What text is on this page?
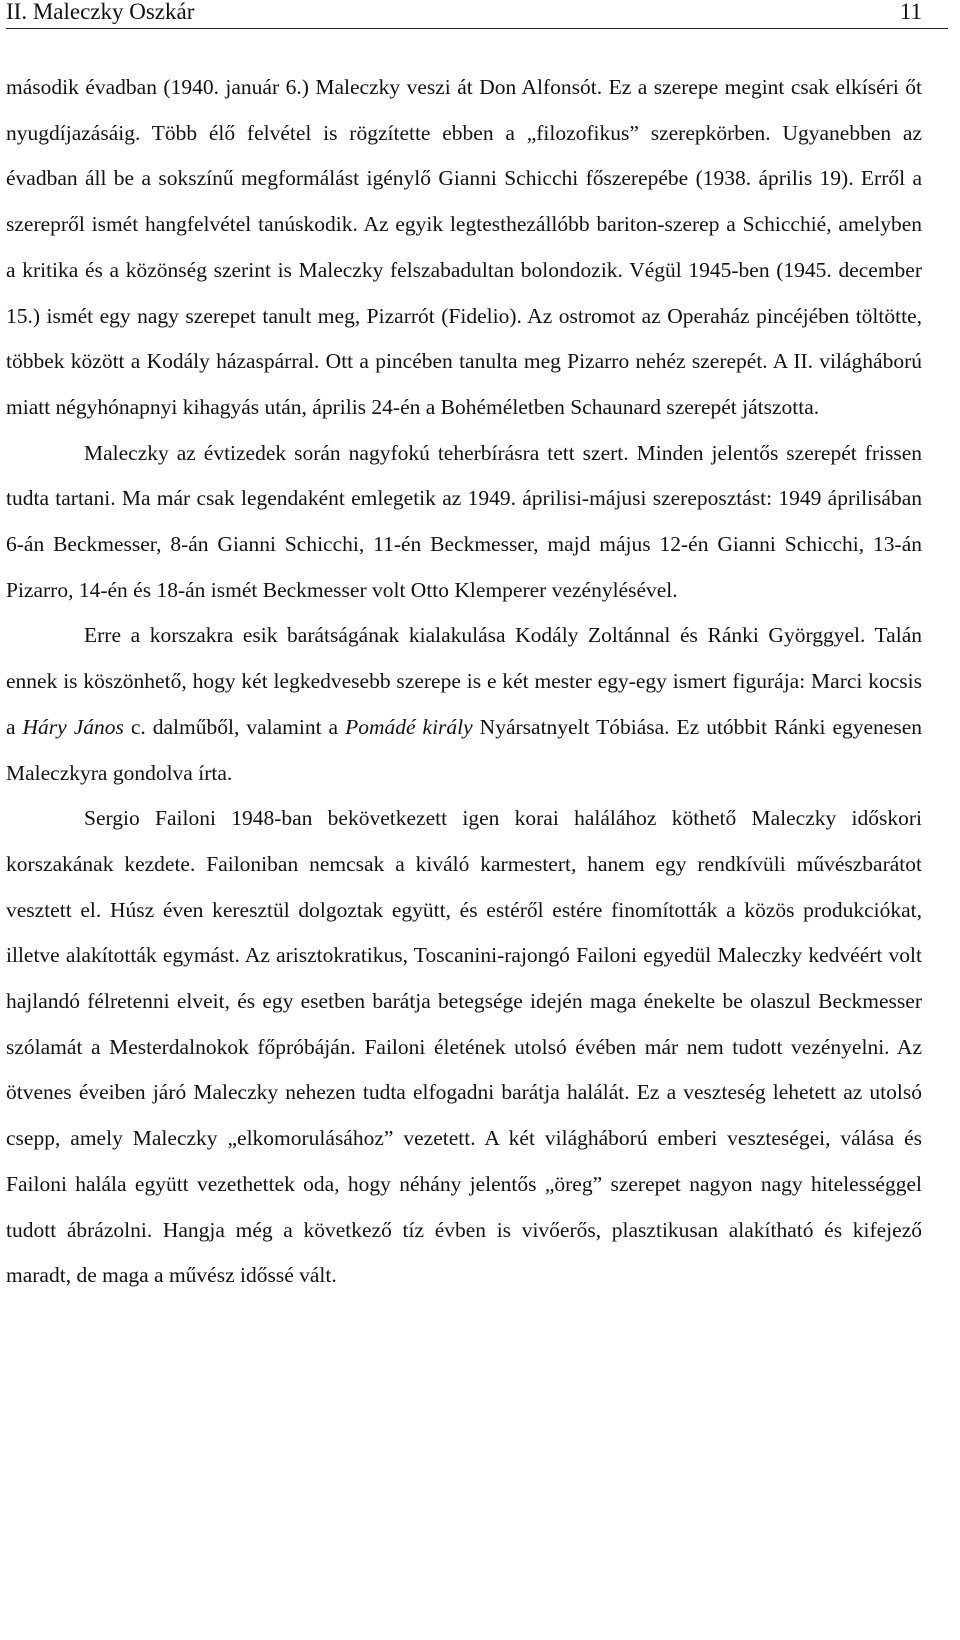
II. Maleczky Oszkár	11

második évadban (1940. január 6.) Maleczky veszi át Don Alfonsót. Ez a szerepe megint csak elkíséri őt nyugdíjazásáig. Több élő felvétel is rögzítette ebben a „filozofikus” szerepkörben. Ugyanebben az évadban áll be a sokszínű megformálást igénylő Gianni Schicchi főszerepébe (1938. április 19). Erről a szerepről ismét hangfelvétel tanúskodik. Az egyik legtesthezállóbb bariton-szerep a Schicchié, amelyben a kritika és a közönség szerint is Maleczky felszabadultan bolondozik. Végül 1945-ben (1945. december 15.) ismét egy nagy szerepet tanult meg, Pizarrót (Fidelio). Az ostromot az Operaház pincéjében töltötte, többek között a Kodály házaspárral. Ott a pincében tanulta meg Pizarro nehéz szerepét. A II. világháború miatt négyhónapnyi kihagyás után, április 24-én a Bohéméletben Schaunard szerepét játszotta.

Maleczky az évtizedek során nagyfokú teherbírásra tett szert. Minden jelentős szerepét frissen tudta tartani. Ma már csak legendaként emlegetik az 1949. áprilisi-májusi szereposztást: 1949 áprilisában 6-án Beckmesser, 8-án Gianni Schicchi, 11-én Beckmesser, majd május 12-én Gianni Schicchi, 13-án Pizarro, 14-én és 18-án ismét Beckmesser volt Otto Klemperer vezénylésével.

Erre a korszakra esik barátságának kialakulása Kodály Zoltánnal és Ránki Györggyel. Talán ennek is köszönhető, hogy két legkedvesebb szerepe is e két mester egy-egy ismert figurája: Marci kocsis a Háry János c. dalműből, valamint a Pomádé király Nyársatnyelt Tóbiása. Ez utóbbit Ránki egyenesen Maleczkyra gondolva írta.

Sergio Failoni 1948-ban bekövetkezett igen korai halálához köthető Maleczky időskori korszakának kezdete. Failoniban nemcsak a kiváló karmestert, hanem egy rendkívüli művészbarátot vesztett el. Húsz éven keresztül dolgoztak együtt, és estéről estére finomították a közös produkciókat, illetve alakították egymást. Az arisztokratikus, Toscanini-rajongó Failoni egyedül Maleczky kedvéért volt hajlandó félretenni elveit, és egy esetben barátja betegsége idején maga énekelte be olaszul Beckmesser szólamát a Mesterdalnokok főpróbáján. Failoni életének utolsó évében már nem tudott vezényelni. Az ötvenes éveiben járó Maleczky nehezen tudta elfogadni barátja halálát. Ez a veszteség lehetett az utolsó csepp, amely Maleczky „elkomorulásához” vezetett. A két világháború emberi veszteségei, válása és Failoni halála együtt vezethettek oda, hogy néhány jelentős „öreg” szerepet nagyon nagy hitelességgel tudott ábrázolni. Hangja még a következő tíz évben is vivőerős, plasztikusan alakítható és kifejező maradt, de maga a művész időssé vált.
